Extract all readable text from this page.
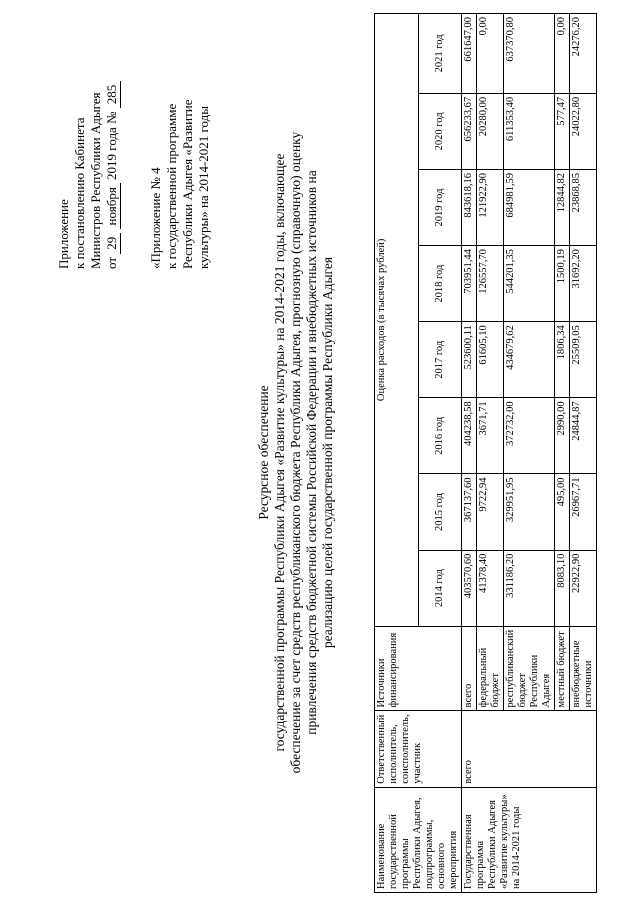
Приложение к постановлению Кабинета Министров Республики Адыгея от 29 ноября 2019 года № 285
«Приложение № 4 к государственной программе Республики Адыгея «Развитие культуры» на 2014-2021 годы
Ресурсное обеспечение государственной программы Республики Адыгея «Развитие культуры» на 2014-2021 годы, включающее обеспечение за счет средств республиканского бюджета Республики Адыгея, прогнозную (справочную) оценку привлечения средств бюджетной системы Российской Федерации и внебюджетных источников на реализацию целей государственной программы Республики Адыгея
Наименование государственной программы Республики Адыгея, подпрограммы, основного мероприятия	Ответственный исполнитель, соисполнитель, участник	Источники финансирования	Оценка расходов (в тысячах рублей)							
			2014 год	2015 год	2016 год	2017 год	2018 год	2019 год	2020 год	2021 год
Государственная программа Республики Адыгея «Развитие культуры» на 2014-2021 годы	всего	всего	403570,60	367137,60	404238,58	523600,11	703951,44	843618,16	656233,67	661647,00
		федеральный бюджет	41378,40	9722,94	3671,71	61605,10	126557,70	121922,90	20280,00	0,00
		республиканский бюджет Республики Адыгея	331186,20	329951,95	372732,00	434679,62	544201,35	684981,59	611353,40	637370,80
		местный бюджет	8083,10	495,00	2990,00	1806,34	1500,19	12844,82	577,47	0,00
		внебюджетные источники	22922,90	26967,71	24844,87	25509,05	31692,20	23868,85	24022,80	24276,20
